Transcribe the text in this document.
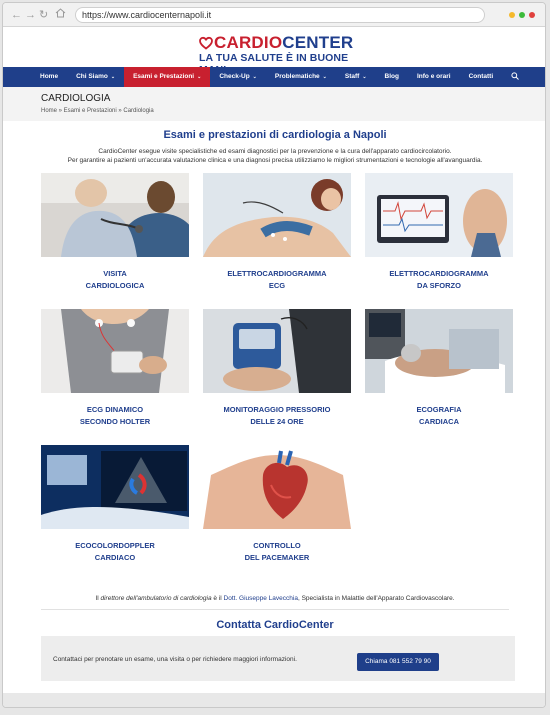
← → ↻	https://www.cardiocenternapoli.it
CARDIO CENTER
LA TUA SALUTE È IN BUONE
Home	Chi Siamo ⌄	Esami e Prestazioni ⌄	Check-Up ⌄	Problematiche ⌄	Staff ⌄	Blog	Info e orari	Contatti
CARDIOLOGIA
Home » Esami e Prestazioni » Cardiologia
Esami e prestazioni di cardiologia a Napoli
CardioCenter esegue visite specialistiche ed esami diagnostici per la prevenzione e la cura dell'apparato cardiocircolatorio.
Per garantire ai pazienti un'accurata valutazione clinica e una diagnosi precisa utilizziamo le migliori strumentazioni e tecnologie all'avanguardia.
VISITA
CARDIOLOGICA
ELETTROCARDIOGRAMMA
ECG
ELETTROCARDIOGRAMMA
DA SFORZO
ECG DINAMICO
SECONDO HOLTER
MONITORAGGIO PRESSORIO
DELLE 24 ORE
ECOGRAFIA
CARDIACA
ECOCOLORDOPPLER
CARDIACO
CONTROLLO
DEL PACEMAKER
Il direttore dell'ambulatorio di cardiologia è il Dott. Giuseppe Lavecchia, Specialista in Malattie dell'Apparato Cardiovascolare.
Contatta CardioCenter
Contattaci per prenotare un esame, una visita o per richiedere maggiori informazioni.	Chiama 081 552 79 90
